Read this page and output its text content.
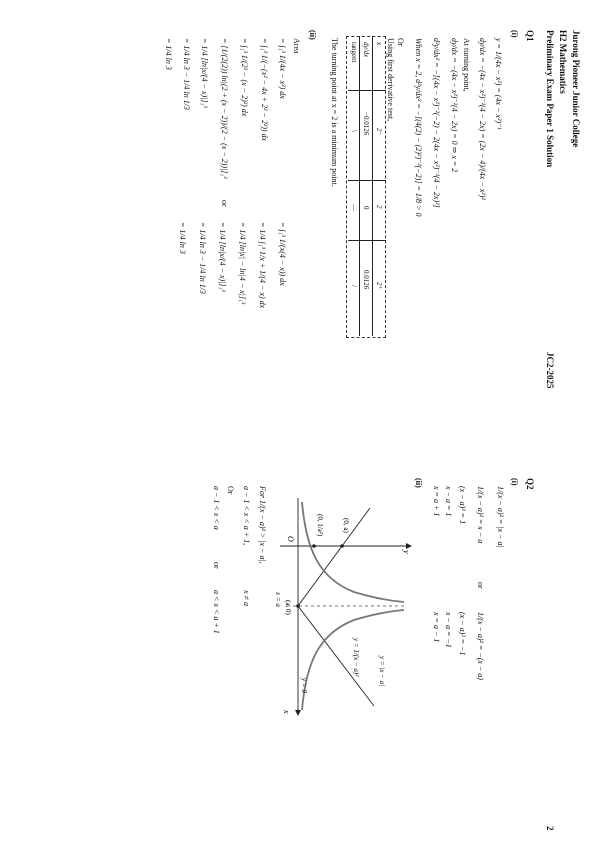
Jurong Pioneer Junior College
H2 Mathematics
Preliminary Exam Paper 1 Solution
JC2-2025
2
Q1
(i)
y = 1/(4x − x²) = (4x − x²)⁻¹
dy/dx = −(4x − x²)⁻²(4 − 2x) = (2x − 4)/(4x − x²)²
At turning point,
dy/dx = −(4x − x²)⁻²(4 − 2x) = 0 ⇒ x = 2
d²y/dx² = −[(4x − x²)⁻²(−2) − 2(4x − x²)⁻³(4 − 2x)²]
When x = 2, d²y/dx² = −[(4(2) − (2)²)⁻²(−2)] = 1/8 > 0
Or
Using first derivative test,
x
2⁻
2
2⁺
dy/dx
−0.0126
0
0.0126
tangent
\
—
/
The turning point at x = 2 is a minimum point.
(ii)
Area
= ∫₁³ 1/(4x − x²) dx
= ∫₁³ 1/(−(x² − 4x + 2² − 2²)) dx
= ∫₁³ 1/(2² − (x − 2)²) dx
= [1/(2(2)) ln|(2 + (x − 2))/(2 − (x − 2))|]₁³
= 1/4 [ln|x/(4 − x)|]₁³
= 1/4 ln 3 − 1/4 ln 1/3
= 1/4 ln 3
or
= ∫₁³ 1/(x(4 − x)) dx
= 1/4 ∫₁³ 1/x + 1/(4 − x) dx
= 1/4 [ln|x| − ln|4 − x|]₁³
= 1/4 [ln|x/(4 − x)|]₁³
= 1/4 ln 3 − 1/4 ln 1/3
= 1/4 ln 3
Q2
(i)
1/(x − a)² = |x − a|
1/(x − a)² = x − a
(x − a)³ = 1
x − a = 1
x = a + 1
or
1/(x − a)² = −(x − a)
(x − a)³ = −1
x − a = −1
x = a − 1
(ii)
y
x
O
(0, a)
(0, 1/a²)
(a, 0)
y = 1/(x − a)²	y = |x − a|
y = 0
x = a
For 1/(x − a)² > |x − a|,
a − 1 < x < a + 1,
x ≠ a
Or
a − 1 < x < a
or
a < x < a + 1
